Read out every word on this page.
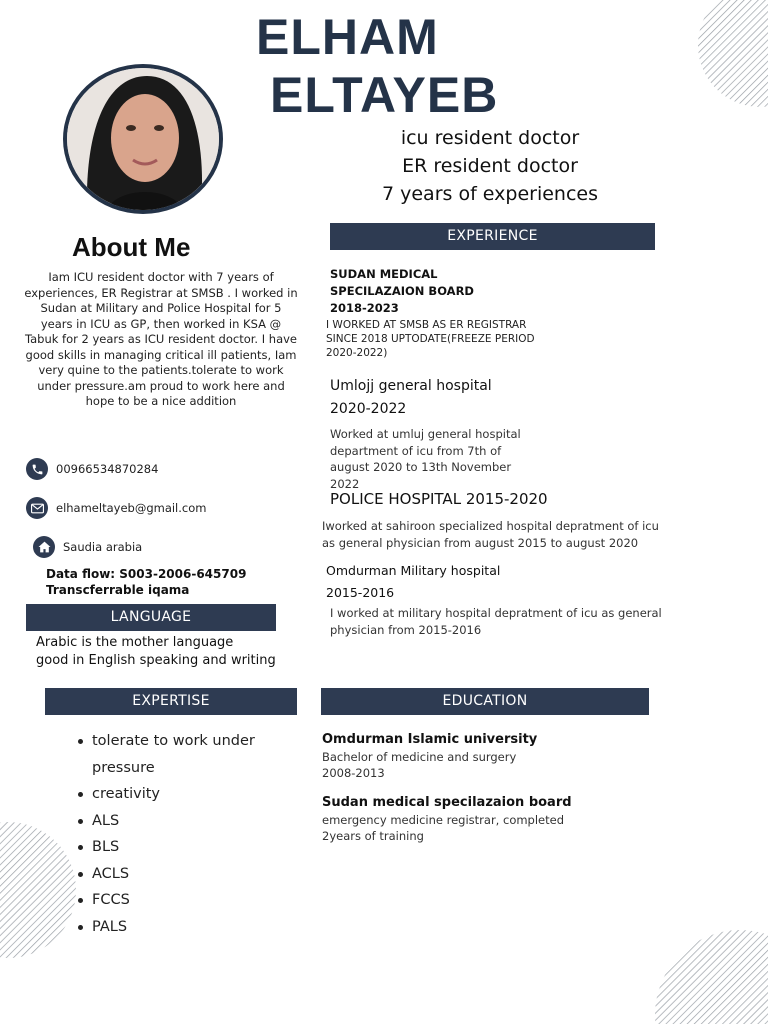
ELHAM
ELTAYEB
icu resident doctor
ER resident doctor
7 years of experiences
About Me
Iam ICU resident doctor with 7 years of experiences, ER Registrar at SMSB . I worked in Sudan at Military and Police Hospital for 5 years in ICU as GP, then worked in KSA @ Tabuk for 2 years as ICU resident doctor. I have good skills in managing critical ill patients, Iam very quine to the patients.tolerate to work under pressure.am proud to work here and hope to be a nice addition
00966534870284
elhameltayeb@gmail.com
Saudia arabia
Data flow: S003-2006-645709
Transcferrable iqama
LANGUAGE
Arabic is the mother language
good in English speaking and writing
EXPERTISE
tolerate to work under pressure
creativity
ALS
BLS
ACLS
FCCS
PALS
EXPERIENCE
SUDAN MEDICAL
SPECILAZAION BOARD
2018-2023
I WORKED AT SMSB AS ER REGISTRAR
SINCE 2018 UPTODATE(FREEZE PERIOD
2020-2022)
Umlojj general hospital
2020-2022
Worked at umluj general hospital
department of icu from 7th of
august 2020 to 13th November
2022
POLICE HOSPITAL 2015-2020
Iworked at sahiroon specialized hospital depratment of icu
as general physician from august 2015 to august 2020
Omdurman Military hospital
2015-2016
I worked at military hospital depratment of icu as general
physician from 2015-2016
EDUCATION
Omdurman Islamic university
Bachelor of medicine and surgery
2008-2013
Sudan medical specilazaion board
emergency medicine registrar, completed
2years of training
